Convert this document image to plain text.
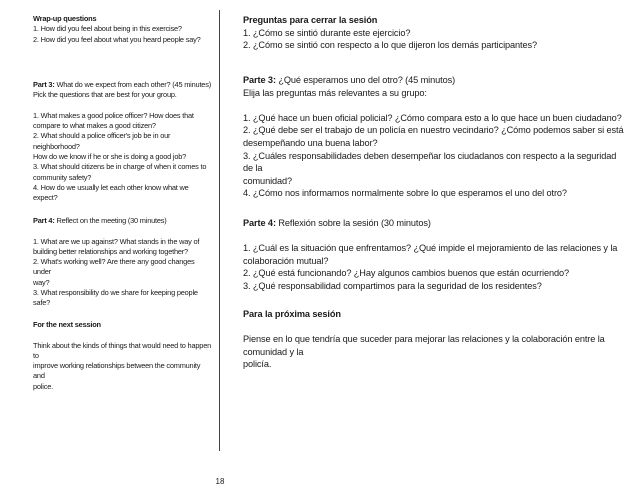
Wrap-up questions

1. How did you feel about being in this exercise?

2. How did you feel about what you heard people say?

Part 3: What do we expect from each other? (45 minutes)

Pick the questions that are best for your group.

1. What makes a good police officer? How does that

compare to what makes a good citizen?

2. What should a police officer's job be in our neighborhood?

How do we know if he or she is doing a good job?

3. What should citizens be in charge of when it comes to

community safety?

4. How do we usually let each other know what we expect?

Part 4: Reflect on the meeting (30 minutes)

1. What are we up against? What stands in the way of

building better relationships and working together?

2. What's working well? Are there any good changes under

way?

3. What responsibility do we share for keeping people safe?

For the next session

Think about the kinds of things that would need to happen to

improve working relationships between the community and

police.

Preguntas para cerrar la sesión

1. ¿Cómo se sintió durante este ejercicio?

2. ¿Cómo se sintió con respecto a lo que dijeron los demás participantes?

Parte 3: ¿Qué esperamos uno del otro? (45 minutos)

Elija las preguntas más relevantes a su grupo:

1. ¿Qué hace un buen oficial policial? ¿Cómo compara esto a lo que hace un buen ciudadano?

2. ¿Qué debe ser el trabajo de un policía en nuestro vecindario? ¿Cómo podemos saber si está

desempeñando una buena labor?

3. ¿Cuáles responsabilidades deben desempeñar los ciudadanos con respecto a la seguridad de la

comunidad?

4. ¿Cómo nos informamos normalmente sobre lo que esperamos el uno del otro?

Parte 4: Reflexión sobre la sesión (30 minutos)

1. ¿Cuál es la situación que enfrentamos? ¿Qué impide el mejoramiento de las relaciones y la

colaboración mutual?

2. ¿Qué está funcionando? ¿Hay algunos cambios buenos que están ocurriendo?

3. ¿Qué responsabilidad compartimos para la seguridad de los residentes?

Para la próxima sesión

Piense en lo que tendría que suceder para mejorar las relaciones y la colaboración entre la comunidad y la

policía.

18
